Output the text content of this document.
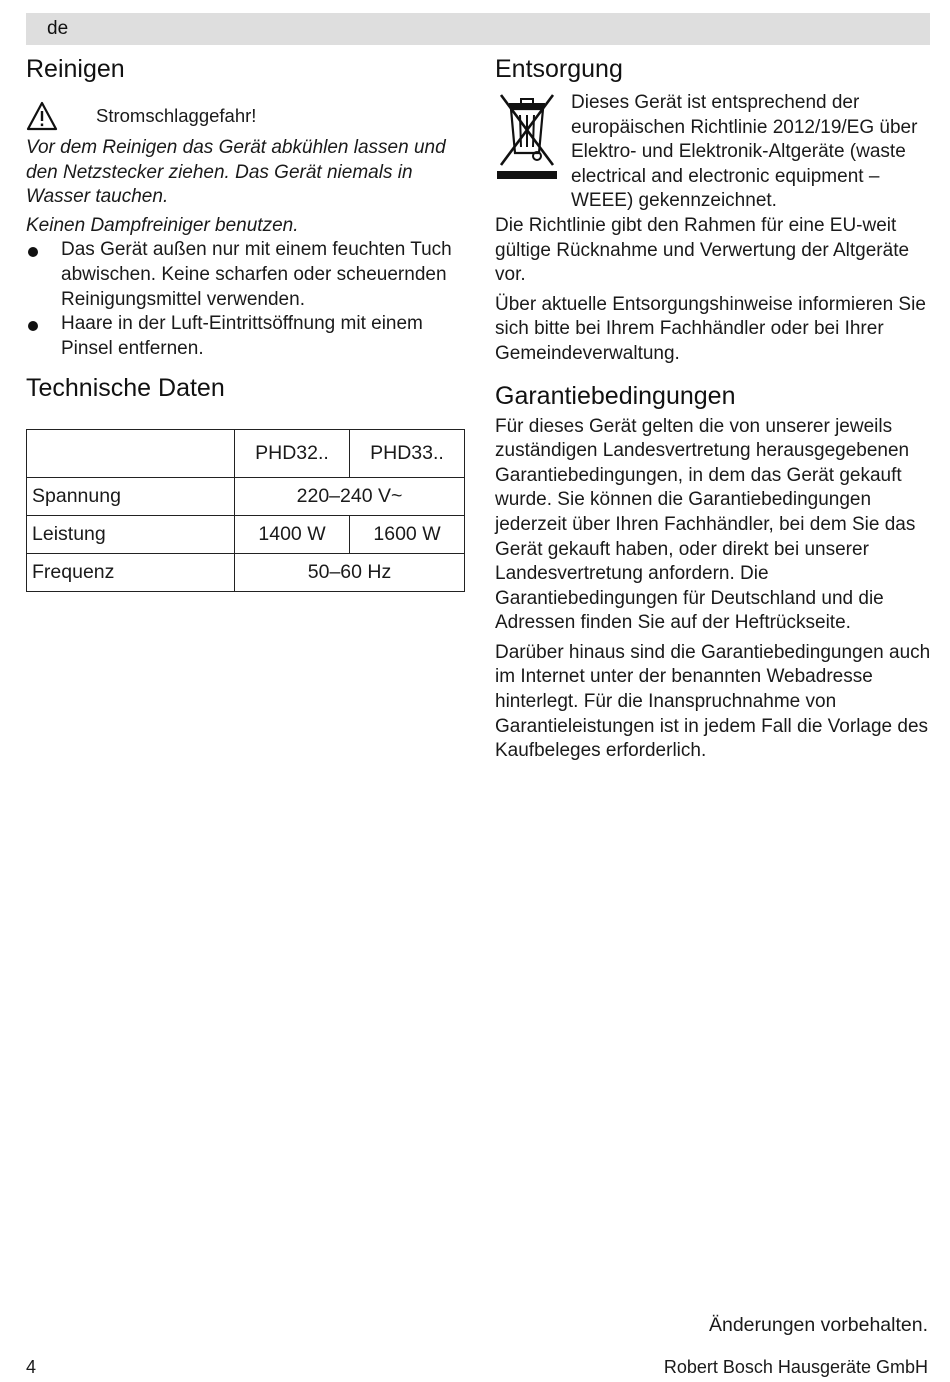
de
Reinigen
Stromschlaggefahr!

Vor dem Reinigen das Gerät abkühlen lassen und den Netzstecker ziehen. Das Gerät niemals in Wasser tauchen.

Keinen Dampfreiniger benutzen.

Das Gerät außen nur mit einem feuchten Tuch abwischen. Keine scharfen oder scheuernden Reinigungsmittel verwenden.
Haare in der Luft-Eintrittsöffnung mit einem Pinsel entfernen.
Technische Daten
	PHD32..	PHD33..
Spannung	220–240 V~	
Leistung	1400 W	1600 W
Frequenz	50–60 Hz	
Entsorgung

Dieses Gerät ist entsprechend der europäischen Richtlinie 2012/19/EG über Elektro- und Elektronik-Altgeräte (waste electrical and electronic equipment – WEEE) gekennzeichnet.

Die Richtlinie gibt den Rahmen für eine EU-weit gültige Rücknahme und Verwertung der Altgeräte vor.

Über aktuelle Entsorgungshinweise informieren Sie sich bitte bei Ihrem Fachhändler oder bei Ihrer Gemeindeverwaltung.

Garantiebedingungen

Für dieses Gerät gelten die von unserer jeweils zuständigen Landesvertretung herausgegebenen Garantiebedingungen, in dem das Gerät gekauft wurde. Sie können die Garantiebedingungen jederzeit über Ihren Fachhändler, bei dem Sie das Gerät gekauft haben, oder direkt bei unserer Landesvertretung anfordern. Die Garantiebedingungen für Deutschland und die Adressen finden Sie auf der Heftrückseite.

Darüber hinaus sind die Garantiebedingungen auch im Internet unter der benannten Webadresse hinterlegt. Für die Inanspruchnahme von Garantieleistungen ist in jedem Fall die Vorlage des Kaufbeleges erforderlich.

Änderungen vorbehalten.
4	Robert Bosch Hausgeräte GmbH
